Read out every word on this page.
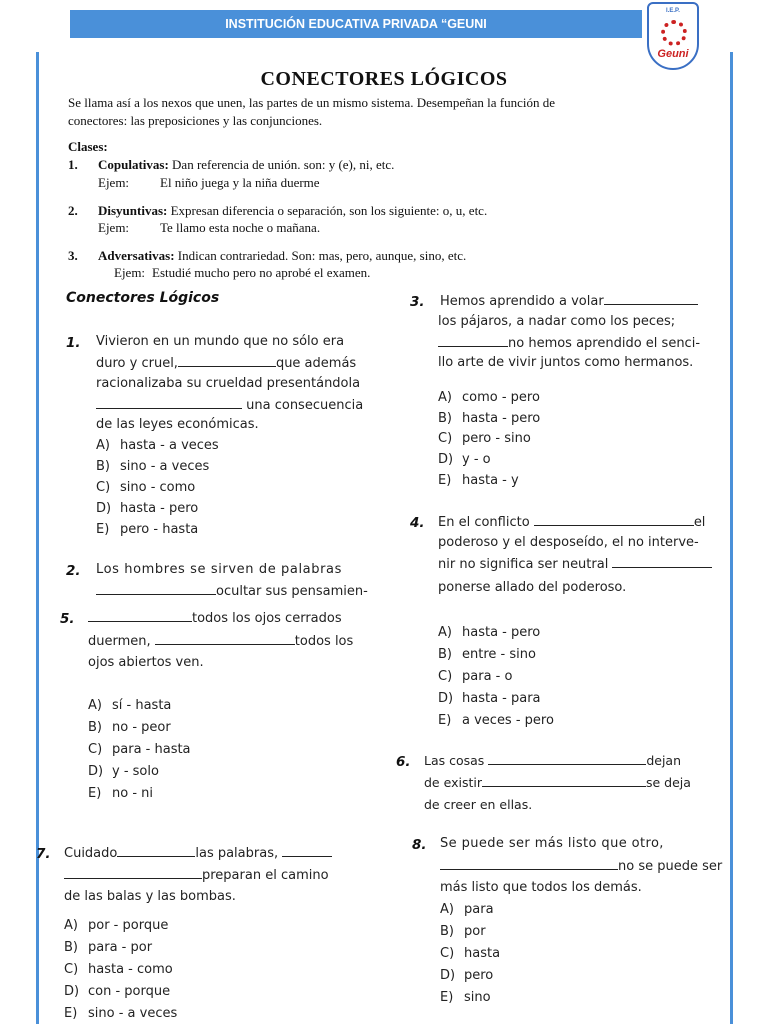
INSTITUCIÓN EDUCATIVA PRIVADA “GEUNI
I.E.P.
Geuni
CONECTORES LÓGICOS
Se llama así a los nexos que unen, las partes de un mismo sistema. Desempeñan la función de
conectores: las preposiciones y las conjunciones.
Clases:
1. Copulativas: Dan referencia de unión. son: y (e), ni, etc.
Ejem: El niño juega y la niña duerme
2. Disyuntivas: Expresan diferencia o separación, son los siguiente: o, u, etc.
Ejem: Te llamo esta noche o mañana.
3. Adversativas: Indican contrariedad. Son: mas, pero, aunque, sino, etc.
Ejem: Estudié mucho pero no aprobé el examen.
Conectores Lógicos
1. Vivieron en un mundo que no sólo era
duro y cruel,	que además
racionalizaba su crueldad presentándola
una consecuencia
de las leyes económicas.
A) hasta - a veces
B) sino - a veces
C) sino - como
D) hasta - pero
E) pero - hasta
2. Los hombres se sirven de palabras
ocultar sus pensamien-
5.	todos los ojos cerrados
duermen,	todos los
ojos abiertos ven.
A) sí - hasta
B) no - peor
C) para - hasta
D) y - solo
E) no - ni
7. Cuidado	las palabras,
preparan el camino
de las balas y las bombas.
A) por - porque
B) para - por
C) hasta - como
D) con - porque
E) sino - a veces
3. Hemos aprendido a volar
los pájaros, a nadar como los peces;
no hemos aprendido el senci-
llo arte de vivir juntos como hermanos.
A) como - pero
B) hasta - pero
C) pero - sino
D) y - o
E) hasta - y
4. En el conflicto	el
poderoso y el desposeído, el no interve-
nir no significa ser neutral
ponerse allado del poderoso.
A) hasta - pero
B) entre - sino
C) para - o
D) hasta - para
E) a veces - pero
6. Las cosas	dejan
de existir	se deja
de creer en ellas.
8. Se puede ser más listo que otro,
no se puede ser
más listo que todos los demás.
A) para
B) por
C) hasta
D) pero
E) sino
